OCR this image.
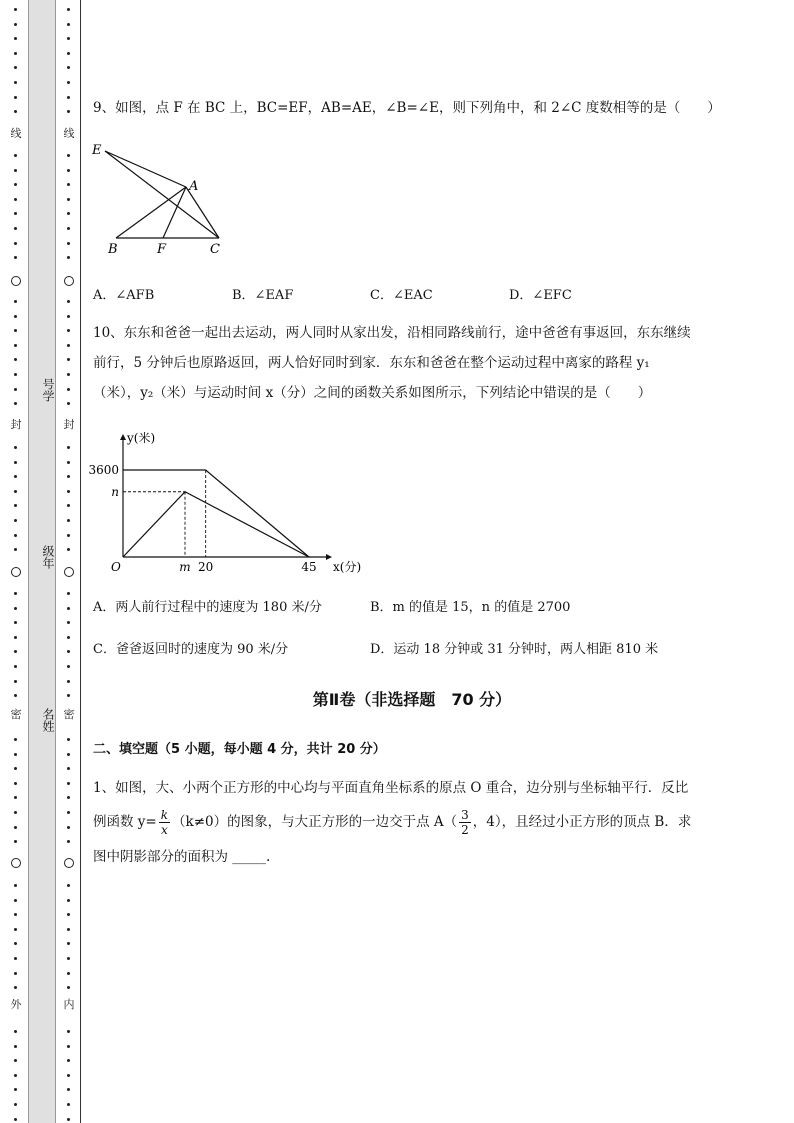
线
封
密
外
号学
级年
名姓
线
封
密
内
9、如图，点 F 在 BC 上，BC=EF，AB=AE，∠B=∠E，则下列角中，和 2∠C 度数相等的是（　　）
E
A
B	F	C
A．∠AFB	B．∠EAF	C．∠EAC	D．∠EFC
10、东东和爸爸一起出去运动，两人同时从家出发，沿相同路线前行，途中爸爸有事返回，东东继续
前行，5 分钟后也原路返回，两人恰好同时到家．东东和爸爸在整个运动过程中离家的路程 y₁
（米），y₂（米）与运动时间 x（分）之间的函数关系如图所示，下列结论中错误的是（　　）
y(米)
x(分)
O
3600
n
m 20	45
A．两人前行过程中的速度为 180 米/分	B．m 的值是 15，n 的值是 2700
C．爸爸返回时的速度为 90 米/分	D．运动 18 分钟或 31 分钟时，两人相距 810 米
第Ⅱ卷（非选择题　70 分）
二、填空题（5 小题，每小题 4 分，共计 20 分）
1、如图，大、小两个正方形的中心均与平面直角坐标系的原点 O 重合，边分别与坐标轴平行．反比
例函数 $y= \frac{k}{x} (k\ne 0)$的图象，与大正方形的一边交于点 $A( \frac{3}{2}$ ，4），且经过小正方形的顶点 B．求
图中阴影部分的面积为 _____.
